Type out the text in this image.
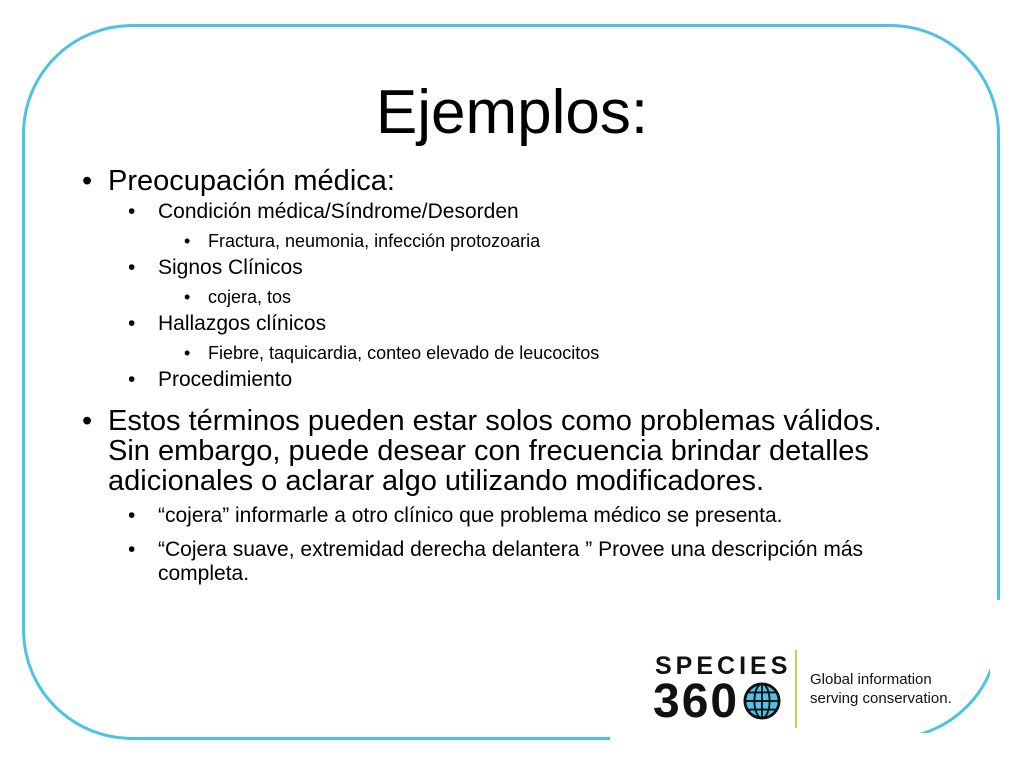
Ejemplos:
• Preocupación médica:
• Condición médica/Síndrome/Desorden
• Fractura, neumonia, infección protozoaria
• Signos Clínicos
• cojera, tos
• Hallazgos clínicos
• Fiebre, taquicardia, conteo elevado de leucocitos
• Procedimiento
• Estos términos pueden estar solos como problemas válidos. Sin embargo, puede desear con frecuencia brindar detalles adicionales o aclarar algo utilizando modificadores.
• “cojera” informarle a otro clínico que problema médico se presenta.
• “Cojera suave, extremidad derecha delantera ” Provee una descripción más completa.
SPECIES
360	Global information
serving conservation.
